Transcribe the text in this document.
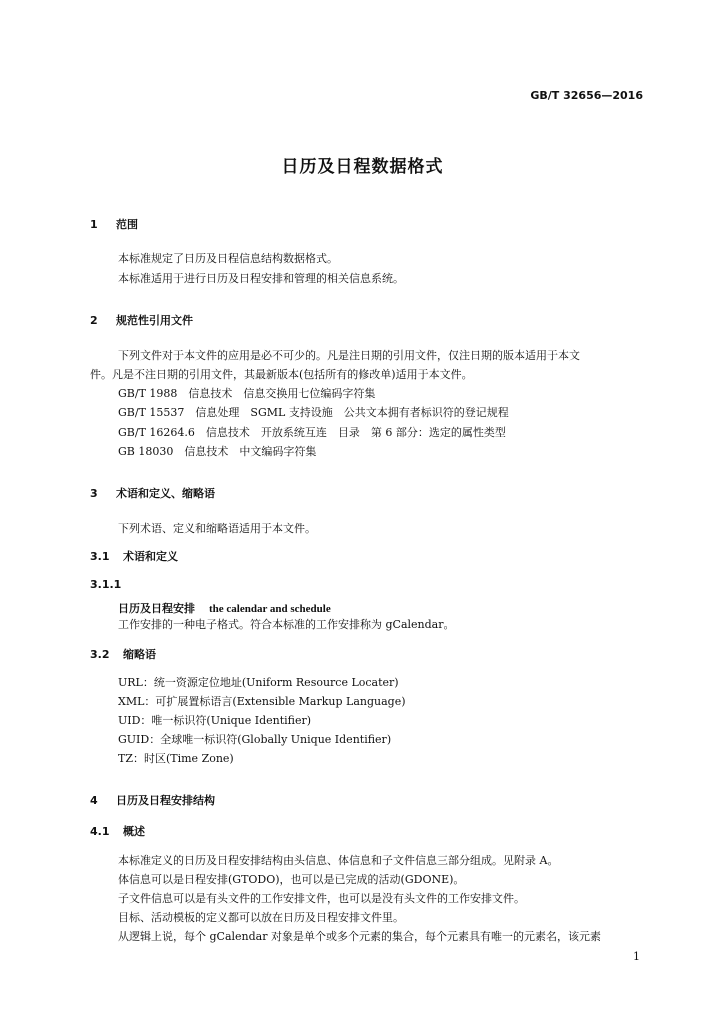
GB/T 32656—2016
日历及日程数据格式
1 范围
本标准规定了日历及日程信息结构数据格式。
本标准适用于进行日历及日程安排和管理的相关信息系统。
2 规范性引用文件
下列文件对于本文件的应用是必不可少的。凡是注日期的引用文件，仅注日期的版本适用于本文
件。凡是不注日期的引用文件，其最新版本(包括所有的修改单)适用于本文件。
GB/T 1988　信息技术　信息交换用七位编码字符集
GB/T 15537　信息处理　SGML 支持设施　公共文本拥有者标识符的登记规程
GB/T 16264.6　信息技术　开放系统互连　目录　第 6 部分：选定的属性类型
GB 18030　信息技术　中文编码字符集
3 术语和定义、缩略语
下列术语、定义和缩略语适用于本文件。
3.1 术语和定义
3.1.1
日历及日程安排 the calendar and schedule
工作安排的一种电子格式。符合本标准的工作安排称为 gCalendar。
3.2 缩略语
URL：统一资源定位地址(Uniform Resource Locater)
XML：可扩展置标语言(Extensible Markup Language)
UID：唯一标识符(Unique Identifier)
GUID：全球唯一标识符(Globally Unique Identifier)
TZ：时区(Time Zone)
4 日历及日程安排结构
4.1 概述
本标准定义的日历及日程安排结构由头信息、体信息和子文件信息三部分组成。见附录 A。
体信息可以是日程安排(GTODO)，也可以是已完成的活动(GDONE)。
子文件信息可以是有头文件的工作安排文件，也可以是没有头文件的工作安排文件。
目标、活动模板的定义都可以放在日历及日程安排文件里。
从逻辑上说，每个 gCalendar 对象是单个或多个元素的集合，每个元素具有唯一的元素名，该元素
1
